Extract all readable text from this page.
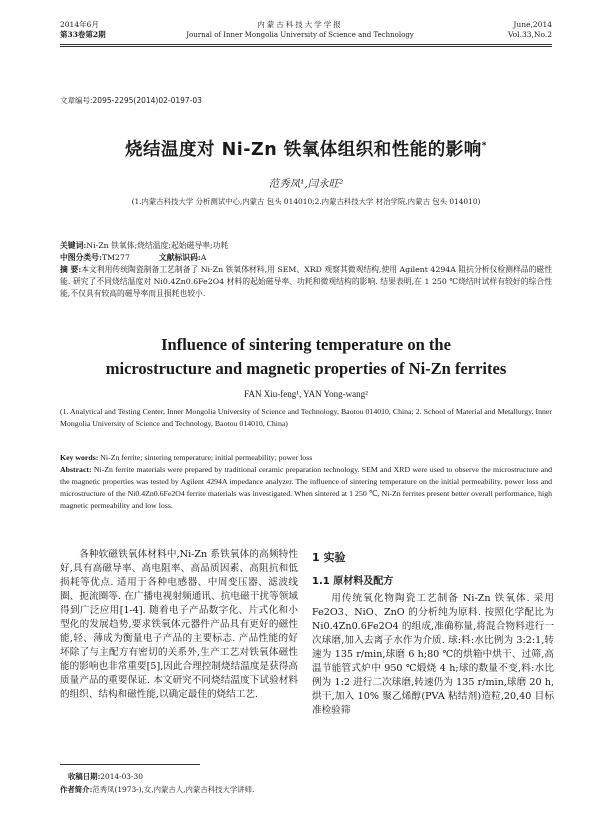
2014年6月
第33卷第2期
内蒙古科技大学学报
Journal of Inner Mongolia University of Science and Technology
June,2014
Vol.33,No.2
文章编号:2095-2295(2014)02-0197-03
烧结温度对 Ni-Zn 铁氧体组织和性能的影响*
范秀凤¹,闫永旺²
(1.内蒙古科技大学 分析测试中心,内蒙古 包头 014010;2.内蒙古科技大学 材冶学院,内蒙古 包头 014010)
关键词:Ni-Zn 铁氧体;烧结温度;起始磁导率;功耗
中图分类号:TM277	文献标识码:A
摘 要:本文利用传统陶瓷制备工艺制备了 Ni-Zn 铁氧体材料,用 SEM、XRD 观察其微观结构,使用 Agilent 4294A 阻抗分析仪检测样品的磁性能. 研究了不同烧结温度对 Ni0.4Zn0.6Fe2O4 材料的起始磁导率、功耗和微观结构的影响. 结果表明,在 1 250 ℃烧结时试样有较好的综合性能,不仅具有较高的磁导率而且损耗也较小.
Influence of sintering temperature on the
microstructure and magnetic properties of Ni-Zn ferrites
FAN Xiu-feng¹, YAN Yong-wang²
(1. Analytical and Testing Center, Inner Mongolia University of Science and Technology, Baotou 014010, China; 2. School of Material and Metallurgy, Inner Mongolia University of Science and Technology, Baotou 014010, China)
Key words: Ni-Zn ferrite; sintering temperature; initial permeability; power loss
Abstract: Ni-Zn ferrite materials were prepared by traditional ceramic preparation technology. SEM and XRD were used to observe the microstructure and the magnetic properties was tested by Agilent 4294A impedance analyzer. The influence of sintering temperature on the initial permeability, power loss and microstructure of the Ni0.4Zn0.6Fe2O4 ferrite materials was investigated. When sintered at 1 250 ℃, Ni-Zn ferrites present better overall performance, high magnetic permeability and low loss.
各种软磁铁氧体材料中,Ni-Zn 系铁氧体的高频特性好,具有高磁导率、高电阻率、高品质因素、高阻抗和低损耗等优点. 适用于各种电感器、中周变压器、滤波线圈、扼流圈等. 在广播电视射频通讯、抗电磁干扰等领域得到广泛应用[1-4]. 随着电子产品数字化、片式化和小型化的发展趋势,要求铁氧体元器件产品具有更好的磁性能,轻、薄成为衡量电子产品的主要标志. 产品性能的好坏除了与主配方有密切的关系外,生产工艺对铁氧体磁性能的影响也非常重要[5],因此合理控制烧结温度是获得高质量产品的重要保证. 本文研究不同烧结温度下试验材料的组织、结构和磁性能,以确定最佳的烧结工艺.
1 实验
1.1 原材料及配方
用传统氧化物陶瓷工艺制备 Ni-Zn 铁氧体. 采用 Fe2O3、NiO、ZnO 的分析纯为原料. 按照化学配比为 Ni0.4Zn0.6Fe2O4 的组成,准确称量,将混合物料进行一次球磨,加入去离子水作为介质. 球:料:水比例为 3:2:1,转速为 135 r/min,球磨 6 h;80 ℃的烘箱中烘干、过筛,高温节能管式炉中 950 ℃煅烧 4 h;球的数量不变,料:水比例为 1:2 进行二次球磨,转速仍为 135 r/min,球磨 20 h,烘干,加入 10% 聚乙烯醇(PVA 粘结剂)造粒,20,40 目标准检验筛
收稿日期:2014-03-30
作者简介:范秀凤(1973-),女,内蒙古人,内蒙古科技大学讲师.
